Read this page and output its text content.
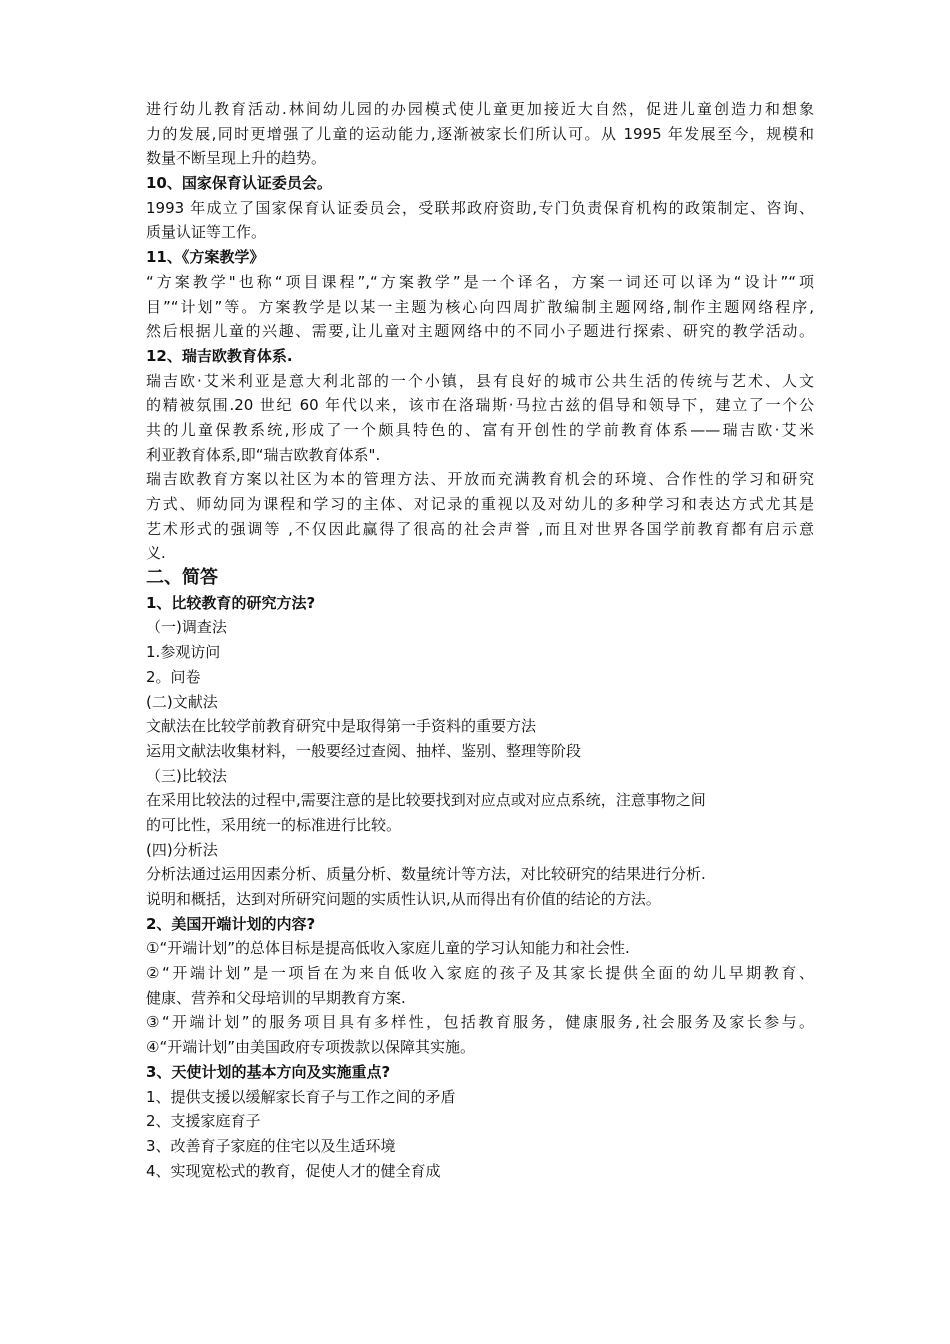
进行幼儿教育活动.林间幼儿园的办园模式使儿童更加接近大自然，促进儿童创造力和想象
力的发展,同时更增强了儿童的运动能力,逐渐被家长们所认可。从 1995 年发展至今，规模和
数量不断呈现上升的趋势。
10、国家保育认证委员会。
1993 年成立了国家保育认证委员会，受联邦政府资助,专门负责保育机构的政策制定、咨询、
质量认证等工作。
11、《方案教学》
“方案教学"也称“项目课程”,“方案教学”是一个译名，方案一词还可以译为“设计”“项
目”“计划”等。方案教学是以某一主题为核心向四周扩散编制主题网络,制作主题网络程序,
然后根据儿童的兴趣、需要,让儿童对主题网络中的不同小子题进行探索、研究的教学活动。
12、瑞吉欧教育体系.
瑞吉欧·艾米利亚是意大利北部的一个小镇，县有良好的城市公共生活的传统与艺术、人文
的精被氛围.20 世纪 60 年代以来，该市在洛瑞斯·马拉古兹的倡导和领导下，建立了一个公
共的儿童保教系统,形成了一个颇具特色的、富有开创性的学前教育体系——瑞吉欧·艾米
利亚教育体系,即“瑞吉欧教育体系".
瑞吉欧教育方案以社区为本的管理方法、开放而充满教育机会的环境、合作性的学习和研究
方式、师幼同为课程和学习的主体、对记录的重视以及对幼儿的多种学习和表达方式尤其是
艺术形式的强调等 ,不仅因此赢得了很高的社会声誉 ,而且对世界各国学前教育都有启示意
义.
二、简答
1、比较教育的研究方法?
（一)调查法
1.参观访问
2。问卷
(二)文献法
文献法在比较学前教育研究中是取得第一手资料的重要方法
运用文献法收集材料，一般要经过查阅、抽样、鉴别、整理等阶段
（三)比较法
在采用比较法的过程中,需要注意的是比较要找到对应点或对应点系统，注意事物之间
的可比性，采用统一的标准进行比较。
(四)分析法
分析法通过运用因素分析、质量分析、数量统计等方法，对比较研究的结果进行分析.
说明和概括，达到对所研究问题的实质性认识,从而得出有价值的结论的方法。
2、美国开端计划的内容?
①“开端计划”的总体目标是提高低收入家庭儿童的学习认知能力和社会性.
②“开端计划”是一项旨在为来自低收入家庭的孩子及其家长提供全面的幼儿早期教育、
健康、营养和父母培训的早期教育方案.
③“开端计划”的服务项目具有多样性，包括教育服务，健康服务,社会服务及家长参与。
④“开端计划”由美国政府专项拨款以保障其实施。
3、天使计划的基本方向及实施重点?
1、提供支援以缓解家长育子与工作之间的矛盾
2、支援家庭育子
3、改善育子家庭的住宅以及生适环境
4、实现宽松式的教育，促使人才的健全育成
